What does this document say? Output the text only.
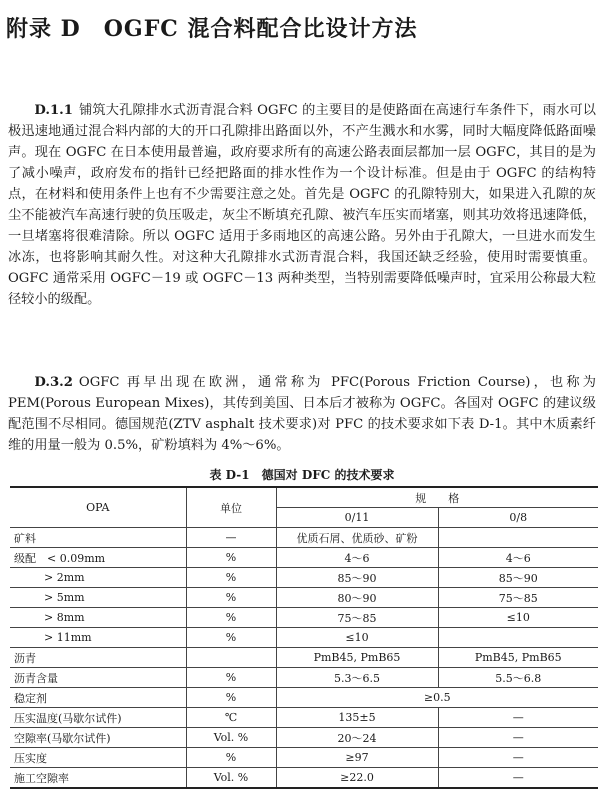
附录 D　OGFC 混合料配合比设计方法
D.1.1 铺筑大孔隙排水式沥青混合料 OGFC 的主要目的是使路面在高速行车条件下，雨水可以极迅速地通过混合料内部的大的开口孔隙排出路面以外，不产生溅水和水雾，同时大幅度降低路面噪声。现在 OGFC 在日本使用最普遍，政府要求所有的高速公路表面层都加一层 OGFC，其目的是为了减小噪声，政府发布的指针已经把路面的排水性作为一个设计标准。但是由于 OGFC 的结构特点，在材料和使用条件上也有不少需要注意之处。首先是 OGFC 的孔隙特别大，如果进入孔隙的灰尘不能被汽车高速行驶的负压吸走，灰尘不断填充孔隙、被汽车压实而堵塞，则其功效将迅速降低，一旦堵塞将很难清除。所以 OGFC 适用于多雨地区的高速公路。另外由于孔隙大，一旦进水而发生冰冻，也将影响其耐久性。对这种大孔隙排水式沥青混合料，我国还缺乏经验，使用时需要慎重。OGFC 通常采用 OGFC－19 或 OGFC－13 两种类型，当特别需要降低噪声时，宜采用公称最大粒径较小的级配。
D.3.2 OGFC 再早出现在欧洲，通常称为 PFC(Porous Friction Course)，也称为 PEM(Porous European Mixes)，其传到美国、日本后才被称为 OGFC。各国对 OGFC 的建议级配范围不尽相同。德国规范(ZTV asphalt 技术要求)对 PFC 的技术要求如下表 D-1。其中木质素纤维的用量一般为 0.5%，矿粉填料为 4%～6%。
表 D-1　德国对 DFC 的技术要求
OPA	单位	规　　格	
		0/11	0/8
矿料	—	优质石屑、优质砂、矿粉	
级配　< 0.09mm	%	4～6	4～6
> 2mm	%	85～90	85～90
> 5mm	%	80～90	75～85
> 8mm	%	75～85	≤10
> 11mm	%	≤10	
沥青		PmB45, PmB65	PmB45, PmB65
沥青含量	%	5.3～6.5	5.5～6.8
稳定剂	%	≥0.5	
压实温度(马歇尔试件)	℃	135±5	—
空隙率(马歇尔试件)	Vol. %	20～24	—
压实度	%	≥97	—
施工空隙率	Vol. %	≥22.0	—
